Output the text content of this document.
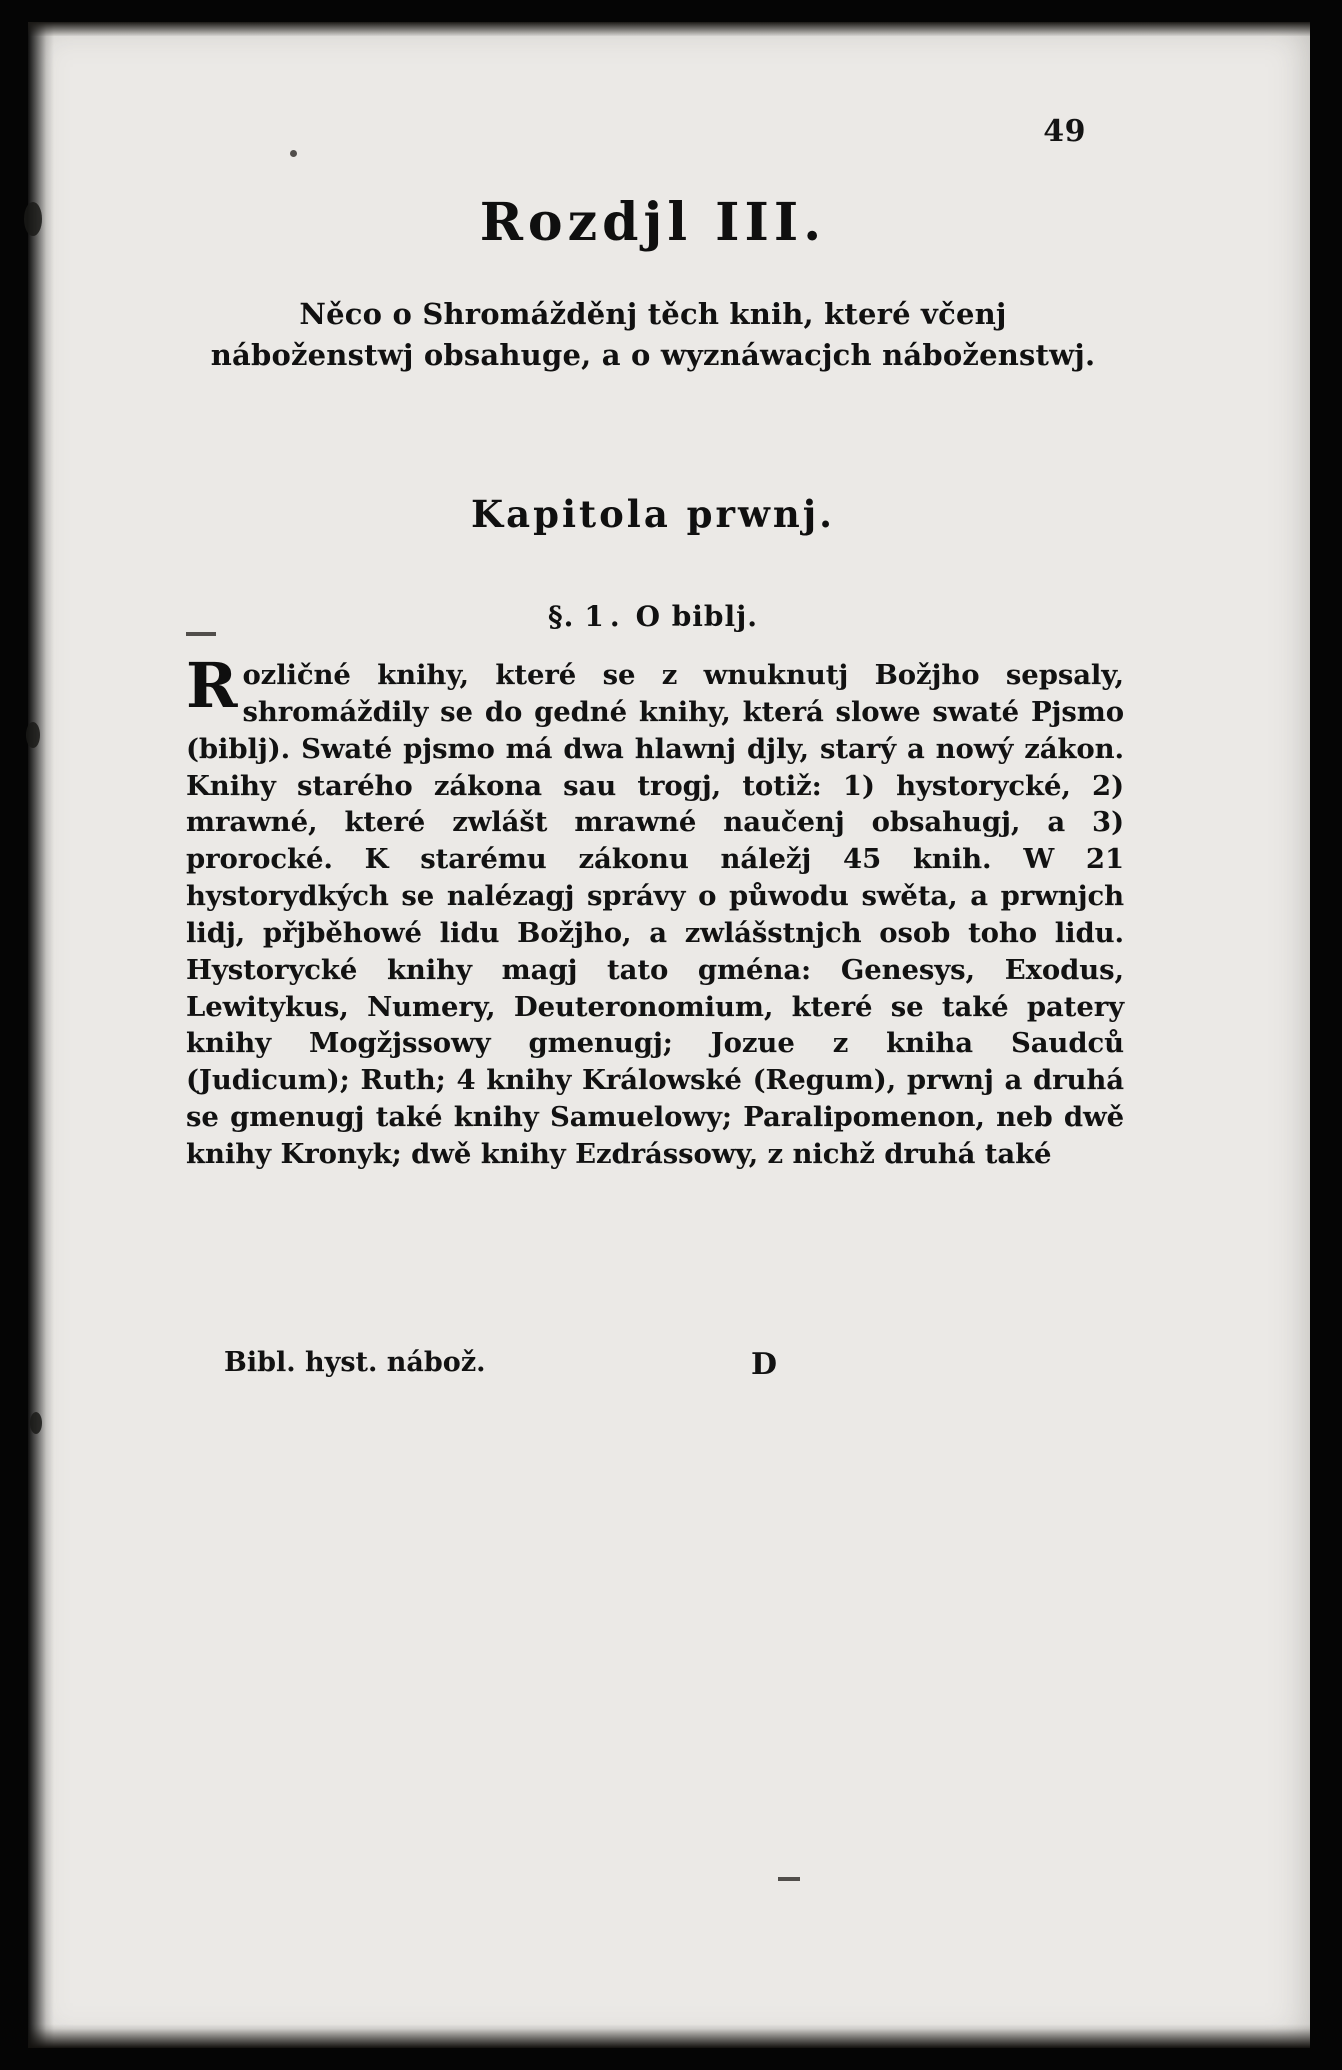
49
Rozdjl III.
Něco o Shromážděnj těch knih, které včenj náboženstwj obsahuge, a o wyznáwacjch náboženstwj.
Kapitola prwnj.
§. 1. O biblj.
Rozličné knihy, které se z wnuknutj Božjho sepsaly, shromáždily se do gedné knihy, která slowe swaté Pjsmo (biblj). Swaté pjsmo má dwa hlawnj djly, starý a nowý zákon. Knihy starého zákona sau trogj, totiž: 1) hystorycké, 2) mrawné, které zwlášt mrawné naučenj obsahugj, a 3) prorocké. K starému zákonu náležj 45 knih. W 21 hystorydkých se nalézagj správy o půwodu swěta, a prwnjch lidj, přjběhowé lidu Božjho, a zwlášstnjch osob toho lidu. Hystorycké knihy magj tato gména: Genesys, Exodus, Lewitykus, Numery, Deuteronomium, které se také patery knihy Mogžjssowy gmenugj; Jozue z kniha Saudců (Judicum); Ruth; 4 knihy Králowské (Regum), prwnj a druhá se gmenugj také knihy Samuelowy; Paralipomenon, neb dwě knihy Kronyk; dwě knihy Ezdrássowy, z nichž druhá také
Bibl. hyst. nábož.	D
